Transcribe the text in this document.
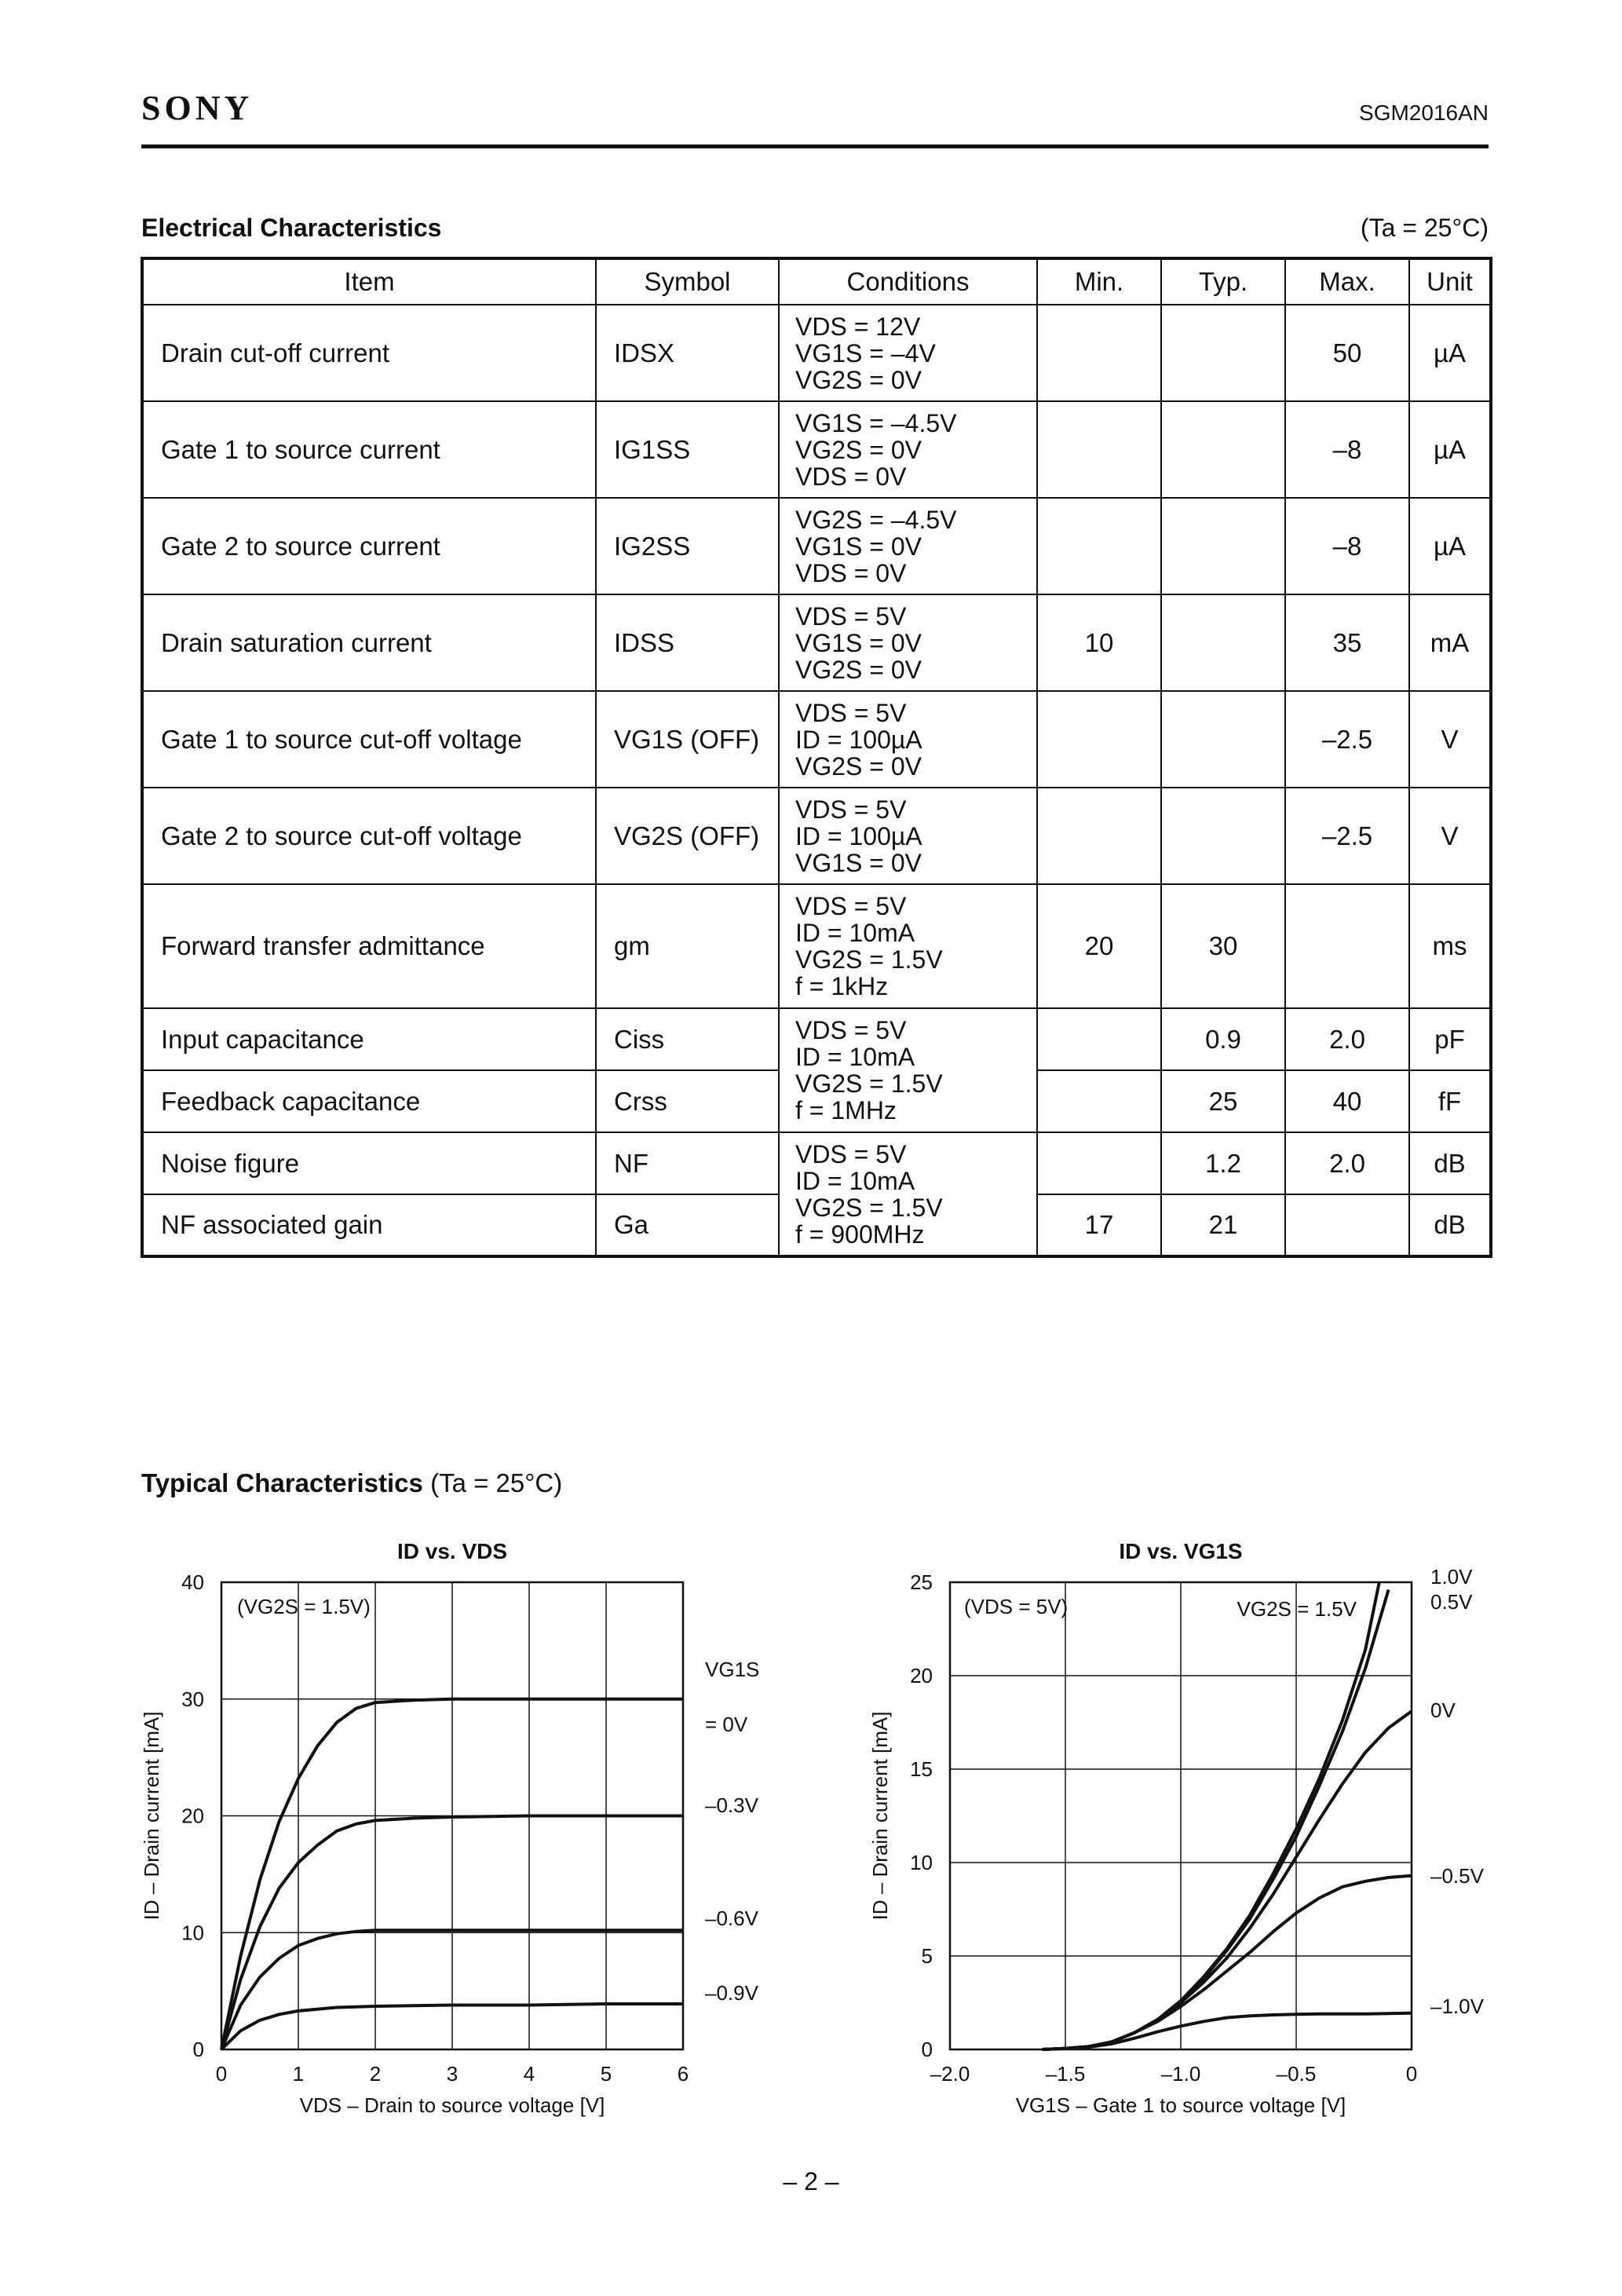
SONY	SGM2016AN
Electrical Characteristics	(Ta = 25°C)
Item	Symbol	Conditions	Min.	Typ.	Max.	Unit
Drain cut-off current	IDSX	VDS = 12V
VG1S = –4V
VG2S = 0V			50	µA
Gate 1 to source current	IG1SS	VG1S = –4.5V
VG2S = 0V
VDS = 0V			–8	µA
Gate 2 to source current	IG2SS	VG2S = –4.5V
VG1S = 0V
VDS = 0V			–8	µA
Drain saturation current	IDSS	VDS = 5V
VG1S = 0V
VG2S = 0V	10		35	mA
Gate 1 to source cut-off voltage	VG1S (OFF)	VDS = 5V
ID = 100µA
VG2S = 0V			–2.5	V
Gate 2 to source cut-off voltage	VG2S (OFF)	VDS = 5V
ID = 100µA
VG1S = 0V			–2.5	V
Forward transfer admittance	gm	VDS = 5V
ID = 10mA
VG2S = 1.5V
f = 1kHz	20	30		ms
Input capacitance	Ciss	VDS = 5V
ID = 10mA
VG2S = 1.5V
f = 1MHz		0.9	2.0	pF
Feedback capacitance	Crss			25	40	fF
Noise figure	NF	VDS = 5V
ID = 10mA
VG2S = 1.5V
f = 900MHz		1.2	2.0	dB
NF associated gain	Ga		17	21		dB
Typical Characteristics (Ta = 25°C)
ID vs. VDS
0	1	2	3	4	5	6
0
10
20
30
40
VDS – Drain to source voltage [V]
ID – Drain current [mA]
(VG2S = 1.5V)
VG1S
= 0V
–0.3V
–0.6V
–0.9V
ID vs. VG1S
–2.0	–1.5	–1.0	–0.5	0
0
5
10
15
20
25
VG1S – Gate 1 to source voltage [V]
ID – Drain current [mA]
(VDS = 5V)	VG2S = 1.5V
1.0V
0.5V
0V
–0.5V
–1.0V
– 2 –
